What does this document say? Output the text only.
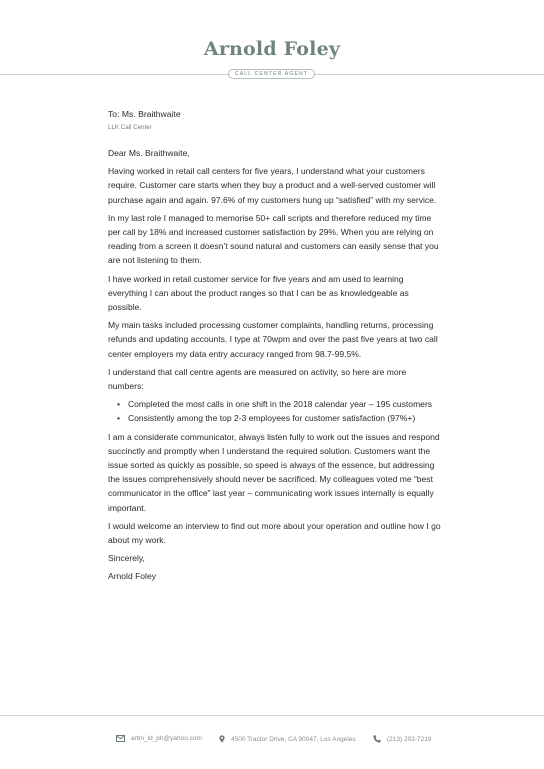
Arnold Foley
CALL CENTER AGENT
To: Ms. Braithwaite
LLK Call Center

Dear Ms. Braithwaite,

Having worked in retail call centers for five years, I understand what your customers require. Customer care starts when they buy a product and a well-served customer will purchase again and again. 97.6% of my customers hung up “satisfied” with my service.

In my last role I managed to memorise 50+ call scripts and therefore reduced my time per call by 18% and increased customer satisfaction by 29%. When you are relying on reading from a screen it doesn’t sound natural and customers can easily sense that you are not listening to them.

I have worked in retail customer service for five years and am used to learning everything I can about the product ranges so that I can be as knowledgeable as possible.

My main tasks included processing customer complaints, handling returns, processing refunds and updating accounts. I type at 70wpm and over the past five years at two call center employers my data entry accuracy ranged from 98.7-99.5%.

I understand that call centre agents are measured on activity, so here are more numbers:

• Completed the most calls in one shift in the 2018 calendar year – 195 customers
• Consistently among the top 2-3 employees for customer satisfaction (97%+)

I am a considerate communicator, always listen fully to work out the issues and respond succinctly and promptly when I understand the required solution. Customers want the issue sorted as quickly as possible, so speed is always of the essence, but addressing the issues comprehensively should never be sacrificed. My colleagues voted me “best communicator in the office” last year – communicating work issues internally is equally important.

I would welcome an interview to find out more about your operation and outline how I go about my work.

Sincerely,

Arnold Foley

arbn_ld_ph@yahoo.com	4500 Tractor Drive, CA 90047, Los Angeles	(213) 202-7219
